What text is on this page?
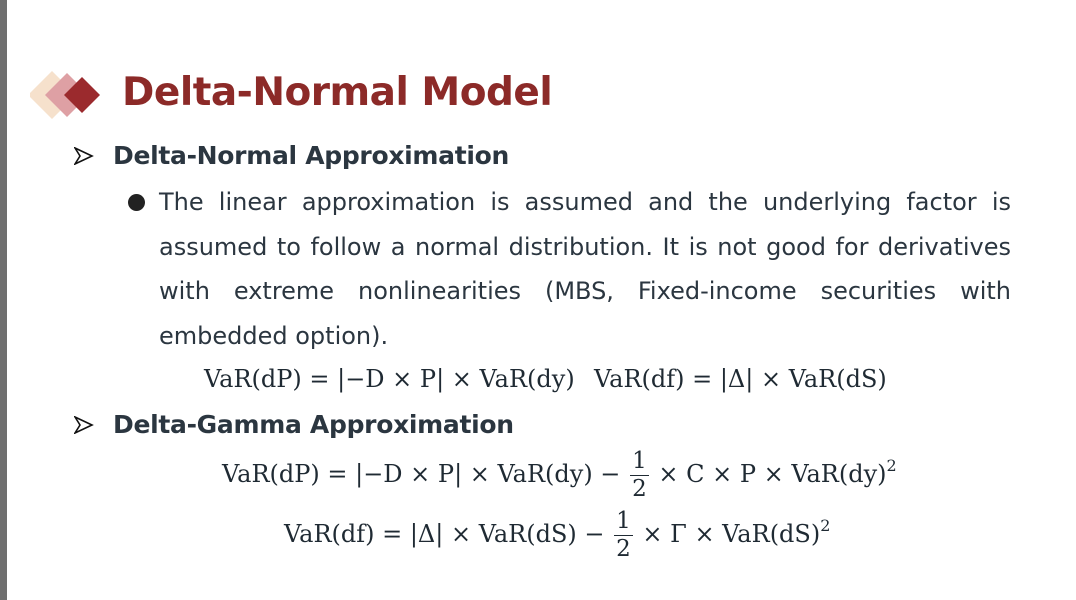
Delta-Normal Model
Delta-Normal Approximation
The linear approximation is assumed and the underlying factor is assumed to follow a normal distribution. It is not good for derivatives with extreme nonlinearities (MBS, Fixed-income securities with embedded option).
VaR(dP) = |−D × P| × VaR(dy) VaR(df) = |Δ| × VaR(dS)
Delta-Gamma Approximation
$VaR(dP) = |-D \times P| \times VaR(dy) - \frac{1}{2} \times C \times P \times VaR(dy)^2$
$VaR(df) = |\Delta| \times VaR(dS) - \frac{1}{2} \times \Gamma \times VaR(dS)^2$
